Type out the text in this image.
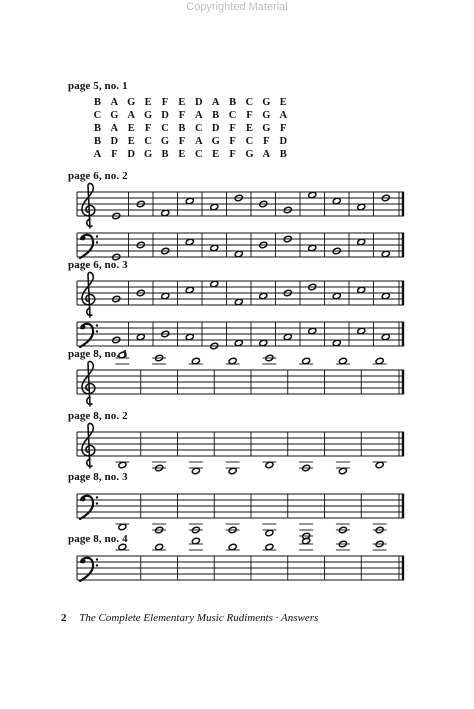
Copyrighted Material
page 5, no. 1
B A G E F E D A B C G E
C G A G D F A B C F G A
B A E F C B C D F E G F
B D E C G F A G F C F D
A F D G B E C E F G A B
page 6, no. 2
page 6, no. 3
page 8, no. 1
page 8, no. 2
page 8, no. 3
page 8, no. 4
2 The Complete Elementary Music Rudiments · Answers
